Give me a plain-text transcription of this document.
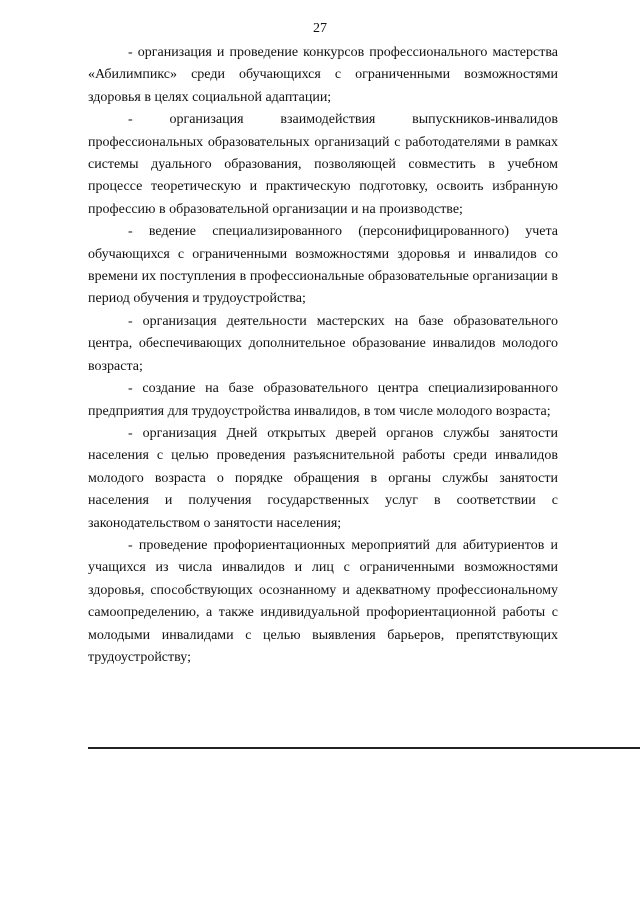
27

- организация и проведение конкурсов профессионального мастерства «Абилимпикс» среди обучающихся с ограниченными возможностями здоровья в целях социальной адаптации;

- организация взаимодействия выпускников-инвалидов профессиональных образовательных организаций с работодателями в рамках системы дуального образования, позволяющей совместить в учебном процессе теоретическую и практическую подготовку, освоить избранную профессию в образовательной организации и на производстве;

- ведение специализированного (персонифицированного) учета обучающихся с ограниченными возможностями здоровья и инвалидов со времени их поступления в профессиональные образовательные организации в период обучения и трудоустройства;

- организация деятельности мастерских на базе образовательного центра, обеспечивающих дополнительное образование инвалидов молодого возраста;

- создание на базе образовательного центра специализированного предприятия для трудоустройства инвалидов, в том числе молодого возраста;

- организация Дней открытых дверей органов службы занятости населения с целью проведения разъяснительной работы среди инвалидов молодого возраста о порядке обращения в органы службы занятости населения и получения государственных услуг в соответствии с законодательством о занятости населения;

- проведение профориентационных мероприятий для абитуриентов и учащихся из числа инвалидов и лиц с ограниченными возможностями здоровья, способствующих осознанному и адекватному профессиональному самоопределению, а также индивидуальной профориентационной работы с молодыми инвалидами с целью выявления барьеров, препятствующих трудоустройству;
